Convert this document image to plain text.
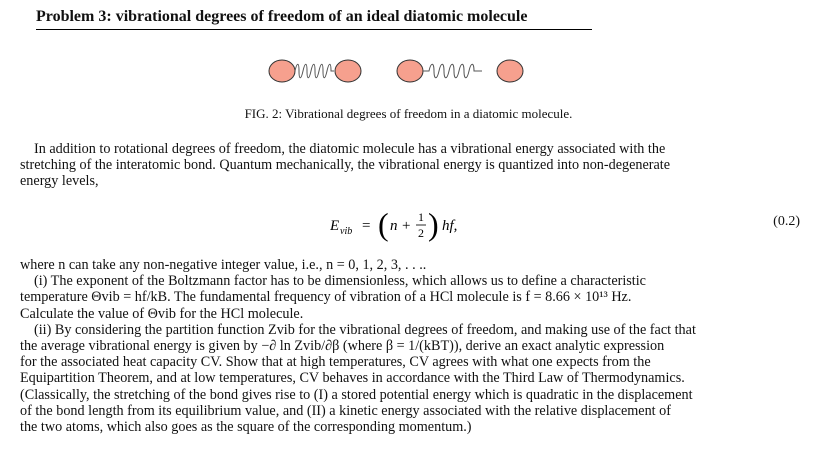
Problem 3: vibrational degrees of freedom of an ideal diatomic molecule
FIG. 2: Vibrational degrees of freedom in a diatomic molecule.
In addition to rotational degrees of freedom, the diatomic molecule has a vibrational energy associated with the
stretching of the interatomic bond. Quantum mechanically, the vibrational energy is quantized into non-degenerate
energy levels,
E vib = ( n +
1
2 ) hf,	(0.2)
where n can take any non-negative integer value, i.e., n = 0, 1, 2, 3, . . ..
(i) The exponent of the Boltzmann factor has to be dimensionless, which allows us to define a characteristic
temperature Θvib = hf/kB. The fundamental frequency of vibration of a HCl molecule is f = 8.66 × 10¹³ Hz.
Calculate the value of Θvib for the HCl molecule.
(ii) By considering the partition function Zvib for the vibrational degrees of freedom, and making use of the fact that
the average vibrational energy is given by −∂ ln Zvib/∂β (where β = 1/(kBT)), derive an exact analytic expression
for the associated heat capacity CV. Show that at high temperatures, CV agrees with what one expects from the
Equipartition Theorem, and at low temperatures, CV behaves in accordance with the Third Law of Thermodynamics.
(Classically, the stretching of the bond gives rise to (I) a stored potential energy which is quadratic in the displacement
of the bond length from its equilibrium value, and (II) a kinetic energy associated with the relative displacement of
the two atoms, which also goes as the square of the corresponding momentum.)
